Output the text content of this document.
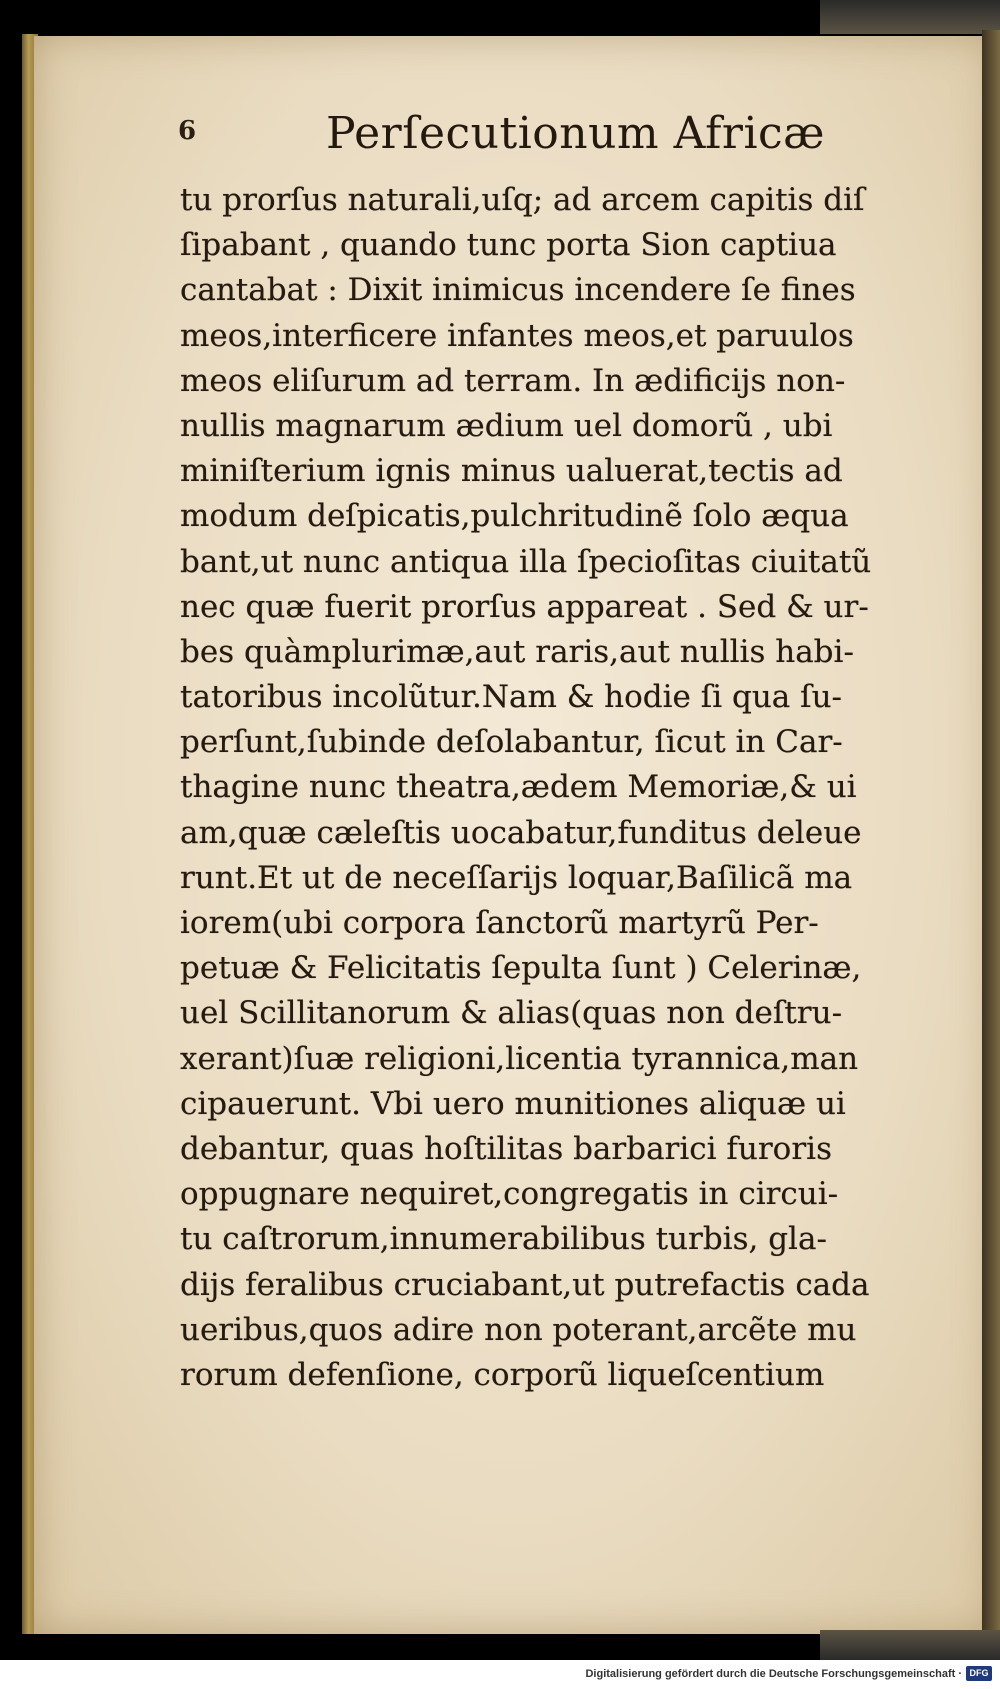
6	Perſecutionum Africæ
tu prorſus naturali,uſq; ad arcem capitis diſ
ſipabant , quando tunc porta Sion captiua
cantabat : Dixit inimicus incendere ſe fines
meos,interficere infantes meos,et paruulos
meos eliſurum ad terram. In ædificijs non-
nullis magnarum ædium uel domorũ , ubi
miniſterium ignis minus ualuerat,tectis ad
modum deſpicatis,pulchritudinẽ ſolo æqua
bant,ut nunc antiqua illa ſpecioſitas ciuitatũ
nec quæ fuerit prorſus appareat . Sed & ur-
bes quàmplurimæ,aut raris,aut nullis habi-
tatoribus incolũtur.Nam & hodie ſi qua ſu-
perſunt,ſubinde deſolabantur, ſicut in Car-
thagine nunc theatra,ædem Memoriæ,& ui
am,quæ cæleſtis uocabatur,funditus deleue
runt.Et ut de neceſſarijs loquar,Baſilicã ma
iorem(ubi corpora ſanctorũ martyrũ Per-
petuæ & Felicitatis ſepulta ſunt ) Celerinæ,
uel Scillitanorum & alias(quas non deſtru-
xerant)ſuæ religioni,licentia tyrannica,man
cipauerunt. Vbi uero munitiones aliquæ ui
debantur, quas hoſtilitas barbarici furoris
oppugnare nequiret,congregatis in circui-
tu caſtrorum,innumerabilibus turbis, gla-
dijs feralibus cruciabant,ut putrefactis cada
ueribus,quos adire non poterant,arcẽte mu
rorum defenſione, corporũ liqueſcentium
Digitalisierung gefördert durch die Deutsche Forschungsgemeinschaft · DFG
